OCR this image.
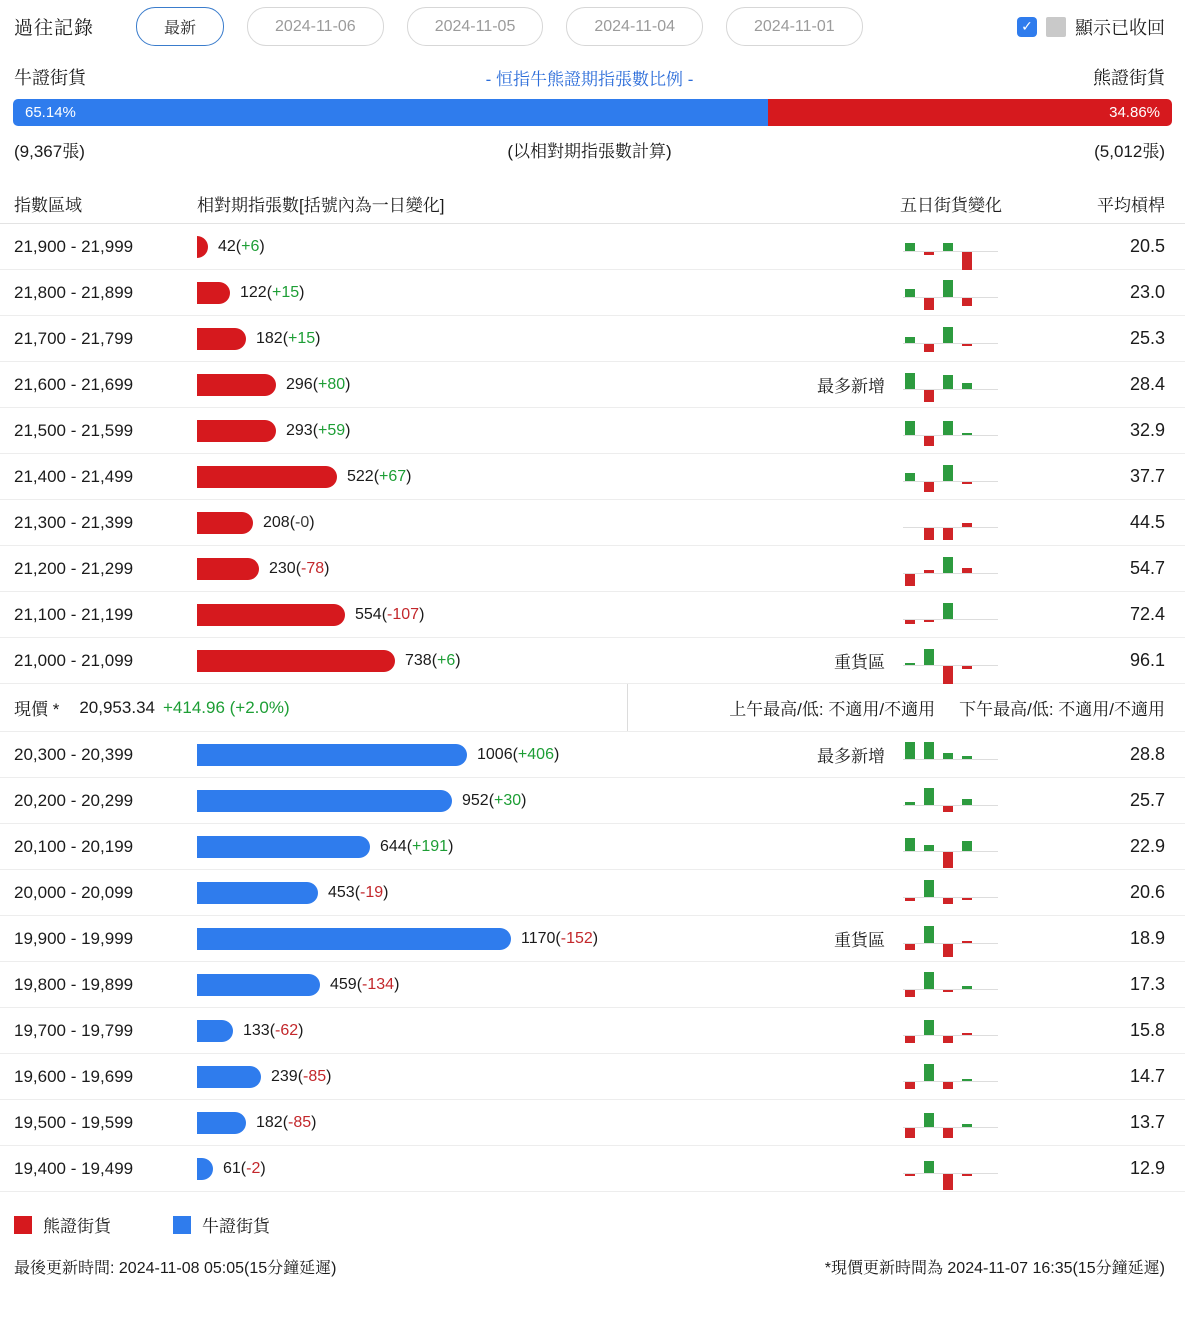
過往記錄	最新	2024-11-06	2024-11-05	2024-11-04	2024-11-01	✓ 顯示已收回
牛證街貨	- 恒指牛熊證期指張數比例 -	熊證街貨
65.14%	34.86%
(9,367張)	(以相對期指張數計算)	(5,012張)
指數區域	相對期指張數[括號內為一日變化]	五日街貨變化	平均槓桿
21,900 - 21,999	42(+6)	20.5
21,800 - 21,899	122(+15)	23.0
21,700 - 21,799	182(+15)	25.3
21,600 - 21,699	296(+80)	最多新增	28.4
21,500 - 21,599	293(+59)	32.9
21,400 - 21,499	522(+67)	37.7
21,300 - 21,399	208(-0)	44.5
21,200 - 21,299	230(-78)	54.7
21,100 - 21,199	554(-107)	72.4
21,000 - 21,099	738(+6)	重貨區	96.1
現價 * 20,953.34 +414.96 (+2.0%)	上午最高/低: 不適用/不適用 下午最高/低: 不適用/不適用
20,300 - 20,399	1006(+406)	最多新增	28.8
20,200 - 20,299	952(+30)	25.7
20,100 - 20,199	644(+191)	22.9
20,000 - 20,099	453(-19)	20.6
19,900 - 19,999	1170(-152)	重貨區	18.9
19,800 - 19,899	459(-134)	17.3
19,700 - 19,799	133(-62)	15.8
19,600 - 19,699	239(-85)	14.7
19,500 - 19,599	182(-85)	13.7
19,400 - 19,499	61(-2)	12.9
熊證街貨	牛證街貨
最後更新時間: 2024-11-08 05:05(15分鐘延遲)	*現價更新時間為 2024-11-07 16:35(15分鐘延遲)
